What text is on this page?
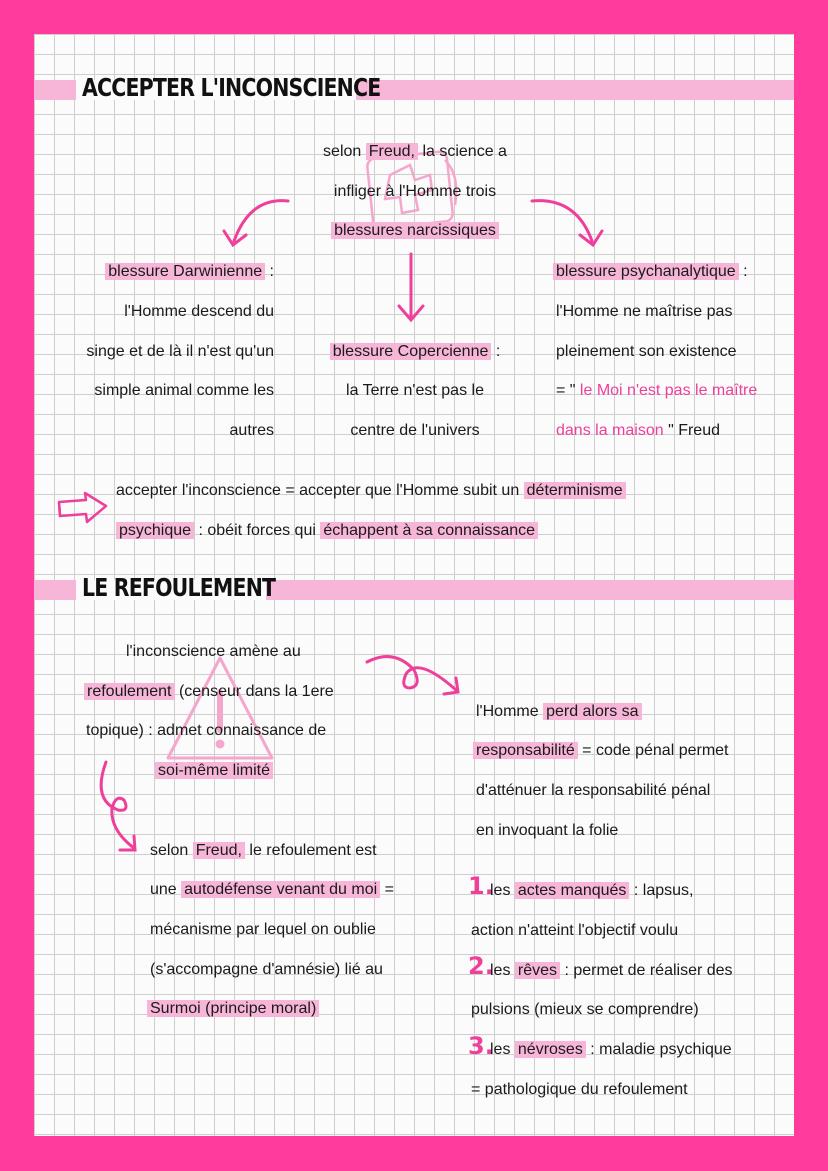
ACCEPTER L'INCONSCIENCE
selon Freud, la science a
infliger à l'Homme trois
blessures narcissiques
blessure Darwinienne :
l'Homme descend du
singe et de là il n'est qu'un
simple animal comme les
autres
blessure Copercienne :
la Terre n'est pas le
centre de l'univers
blessure psychanalytique :
l'Homme ne maîtrise pas
pleinement son existence
= " le Moi n'est pas le maître
dans la maison " Freud
accepter l'inconscience = accepter que l'Homme subit un déterminisme
psychique : obéit forces qui échappent à sa connaissance
LE REFOULEMENT
l'inconscience amène au
refoulement (censeur dans la 1ere
topique) : admet connaissance de
soi-même limité
selon Freud, le refoulement est
une autodéfense venant du moi =
mécanisme par lequel on oublie
(s'accompagne d'amnésie) lié au
Surmoi (principe moral)
l'Homme perd alors sa
responsabilité = code pénal permet
d'atténuer la responsabilité pénal
en invoquant la folie
1.
les actes manqués : lapsus,
action n'atteint l'objectif voulu
2.
les rêves : permet de réaliser des
pulsions (mieux se comprendre)
3.
les névroses : maladie psychique
= pathologique du refoulement
